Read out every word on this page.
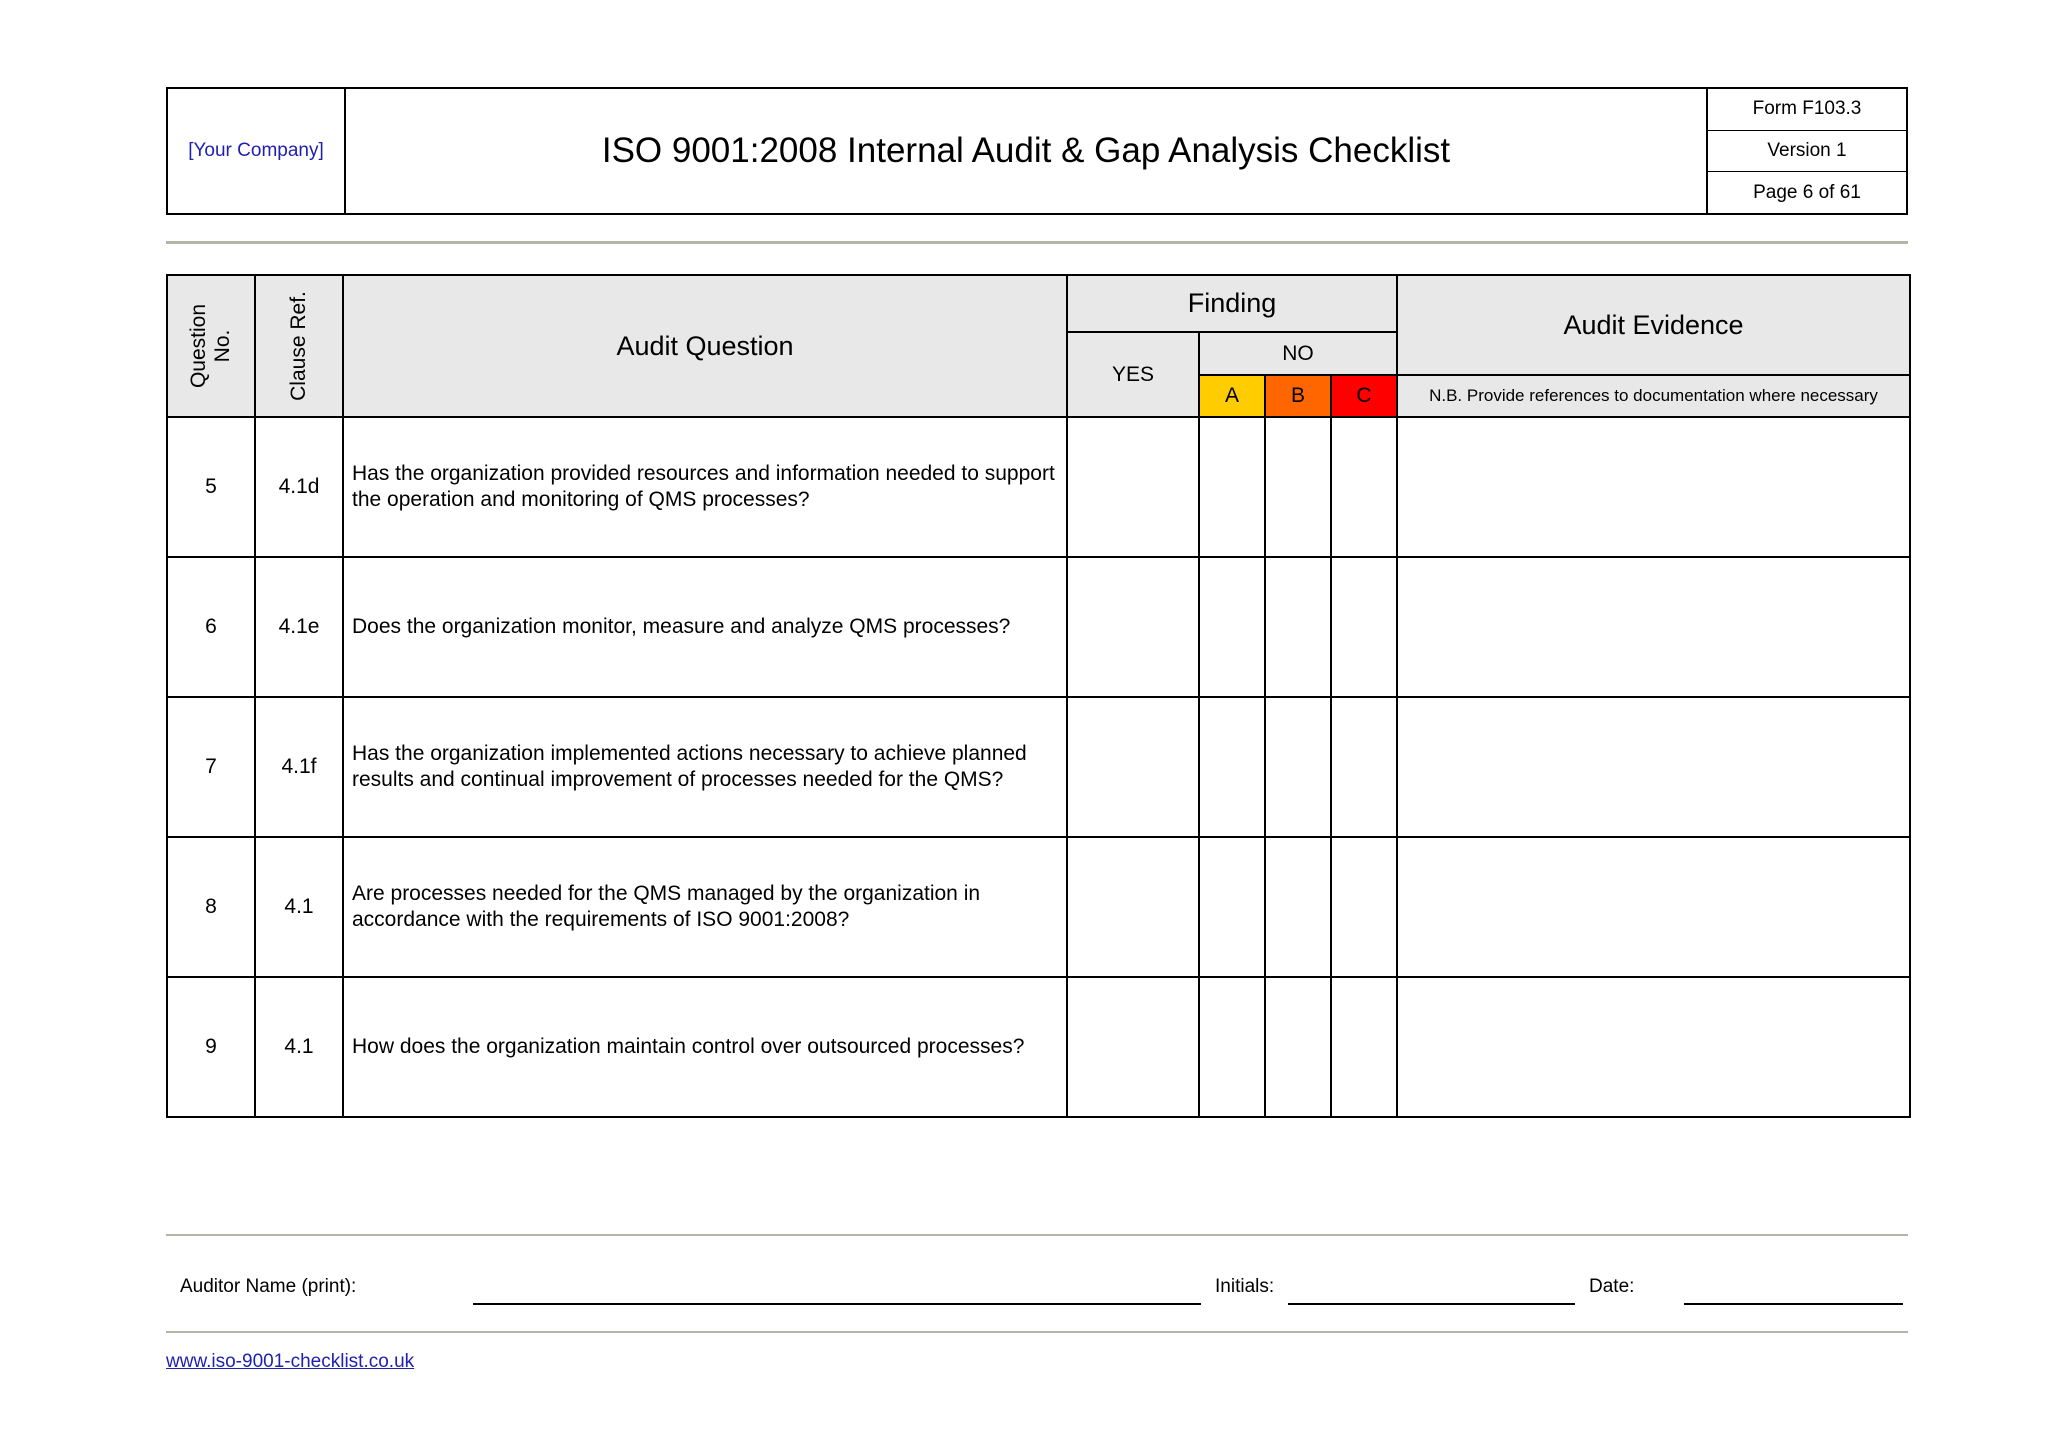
[Your Company]	ISO 9001:2008 Internal Audit & Gap Analysis Checklist
Form F103.3
Version 1
Page 6 of 61
Question No.	Clause Ref.	Audit Question	Finding				Audit Evidence
			YES	NO			
				A	B	C	N.B. Provide references to documentation where necessary
5	4.1d	Has the organization provided resources and information needed to support the operation and monitoring of QMS processes?					
6	4.1e	Does the organization monitor, measure and analyze QMS processes?					
7	4.1f	Has the organization implemented actions necessary to achieve planned results and continual improvement of processes needed for the QMS?					
8	4.1	Are processes needed for the QMS managed by the organization in accordance with the requirements of ISO 9001:2008?					
9	4.1	How does the organization maintain control over outsourced processes?					
Auditor Name (print):	Initials:	Date:
www.iso-9001-checklist.co.uk
